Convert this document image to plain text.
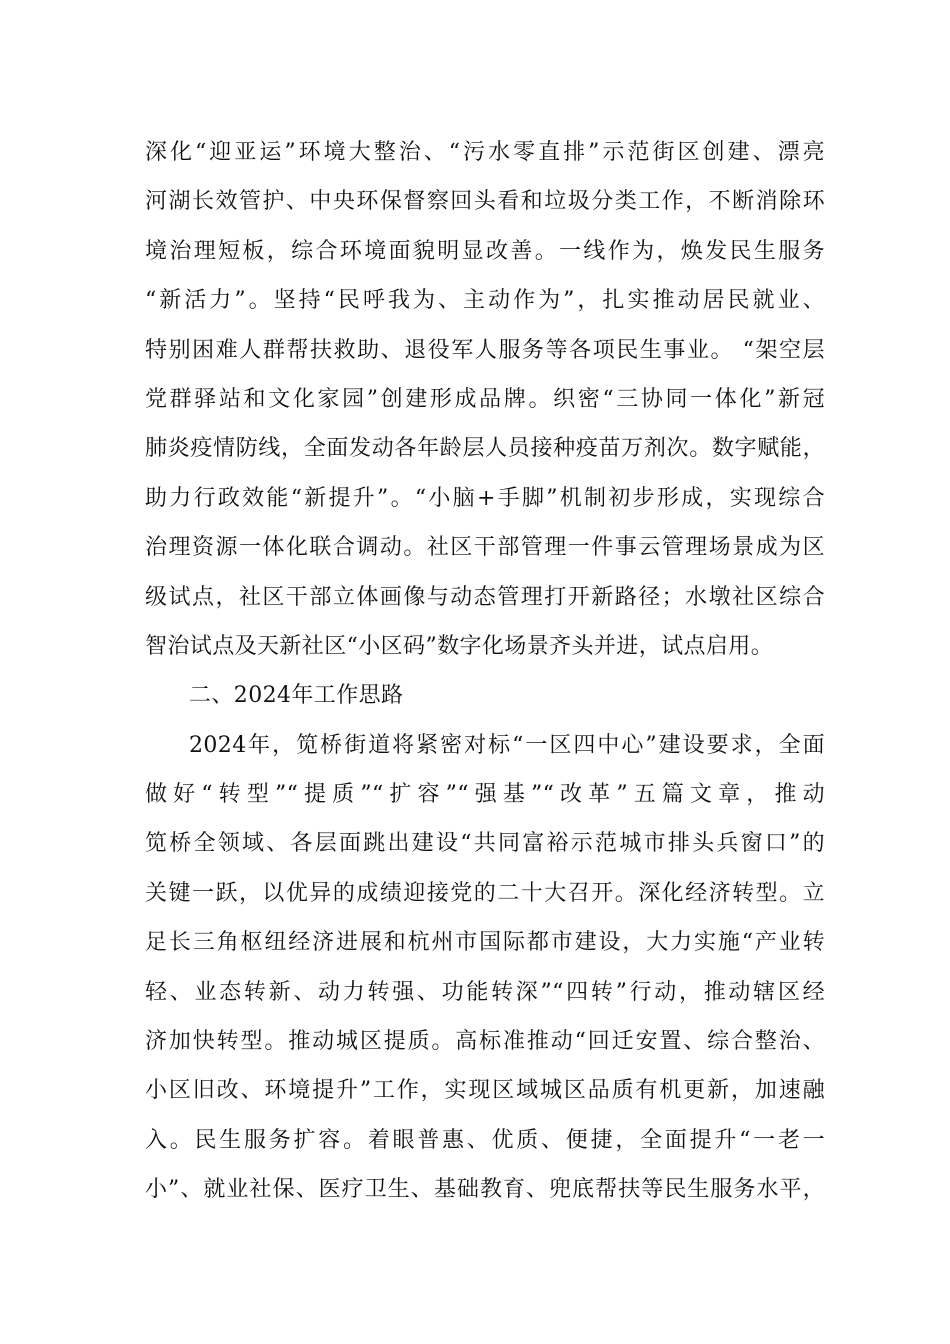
深化“迎亚运”环境大整治、“污水零直排”示范街区创建、漂亮
河湖长效管护、中央环保督察回头看和垃圾分类工作，不断消除环
境治理短板，综合环境面貌明显改善。一线作为，焕发民生服务
“新活力”。坚持“民呼我为、主动作为”，扎实推动居民就业、
特别困难人群帮扶救助、退役军人服务等各项民生事业。 “架空层
党群驿站和文化家园”创建形成品牌。织密“三协同一体化”新冠
肺炎疫情防线，全面发动各年龄层人员接种疫苗万剂次。数字赋能，
助力行政效能“新提升”。“小脑+手脚”机制初步形成，实现综合
治理资源一体化联合调动。社区干部管理一件事云管理场景成为区
级试点，社区干部立体画像与动态管理打开新路径；水墩社区综合
智治试点及天新社区“小区码”数字化场景齐头并进，试点启用。
二、2024年工作思路
2024年，笕桥街道将紧密对标“一区四中心”建设要求，全面
做好“转型”“提质”“扩容”“强基”“改革”五篇文章，推动
笕桥全领域、各层面跳出建设“共同富裕示范城市排头兵窗口”的
关键一跃，以优异的成绩迎接党的二十大召开。深化经济转型。立
足长三角枢纽经济进展和杭州市国际都市建设，大力实施“产业转
轻、业态转新、动力转强、功能转深”“四转”行动，推动辖区经
济加快转型。推动城区提质。高标准推动“回迁安置、综合整治、
小区旧改、环境提升”工作，实现区域城区品质有机更新，加速融
入。民生服务扩容。着眼普惠、优质、便捷，全面提升“一老一
小”、就业社保、医疗卫生、基础教育、兜底帮扶等民生服务水平，
